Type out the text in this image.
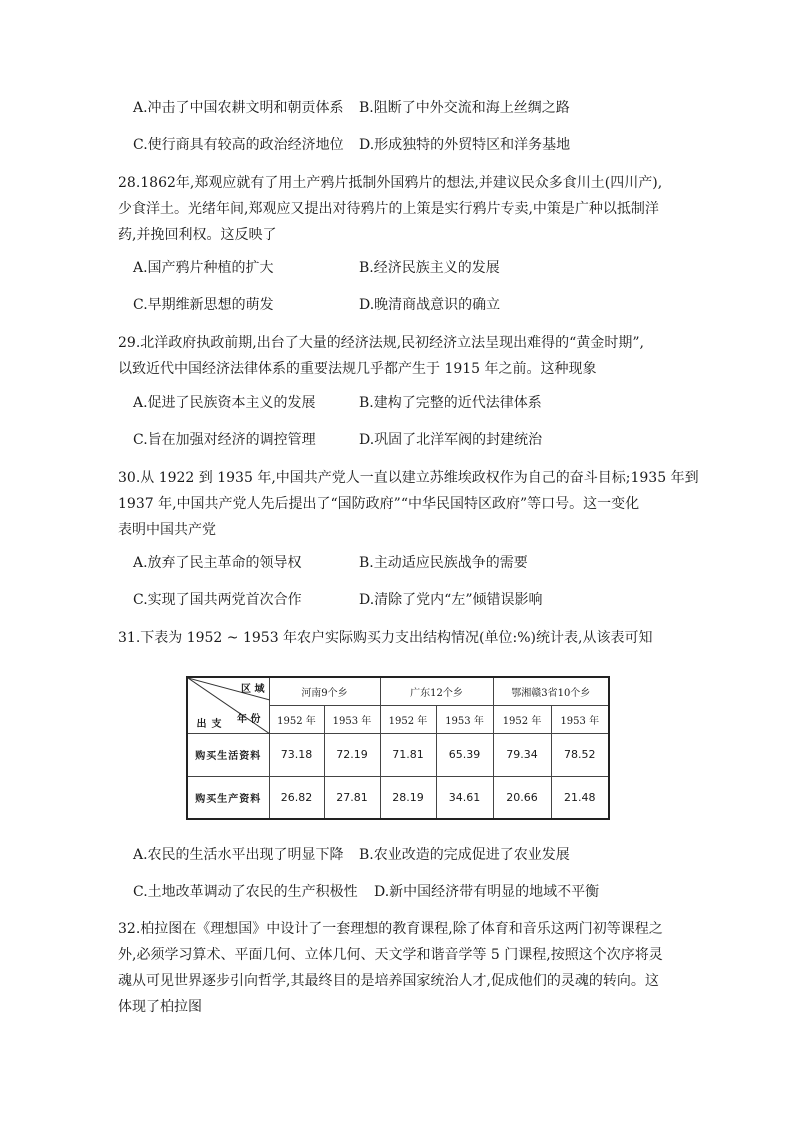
A.冲击了中国农耕文明和朝贡体系 B.阻断了中外交流和海上丝绸之路
C.使行商具有较高的政治经济地位 D.形成独特的外贸特区和洋务基地
28.1862年,郑观应就有了用土产鸦片抵制外国鸦片的想法,并建议民众多食川土(四川产),
少食洋土。光绪年间,郑观应又提出对待鸦片的上策是实行鸦片专卖,中策是广种以抵制洋
药,并挽回利权。这反映了
A.国产鸦片种植的扩大	B.经济民族主义的发展
C.早期维新思想的萌发	D.晚清商战意识的确立
29.北洋政府执政前期,出台了大量的经济法规,民初经济立法呈现出难得的“黄金时期”,
以致近代中国经济法律体系的重要法规几乎都产生于 1915 年之前。这种现象
A.促进了民族资本主义的发展	B.建构了完整的近代法律体系
C.旨在加强对经济的调控管理	D.巩固了北洋军阀的封建统治
30.从 1922 到 1935 年,中国共产党人一直以建立苏维埃政权作为自己的奋斗目标;1935 年到
1937 年,中国共产党人先后提出了“国防政府”“中华民国特区政府”等口号。这一变化
表明中国共产党
A.放弃了民主革命的领导权	B.主动适应民族战争的需要
C.实现了国共两党首次合作	D.清除了党内“左”倾错误影响
31.下表为 1952 ~ 1953 年农户实际购买力支出结构情况(单位:%)统计表,从该表可知
区 域
年 份
支 出	河南9个乡		广东12个乡		鄂湘赣3省10个乡	
	1952 年	1953 年	1952 年	1953 年	1952 年	1953 年
购买生活资料	73.18	72.19	71.81	65.39	79.34	78.52
购买生产资料	26.82	27.81	28.19	34.61	20.66	21.48
A.农民的生活水平出现了明显下降 B.农业改造的完成促进了农业发展
C.土地改革调动了农民的生产积极性 D.新中国经济带有明显的地域不平衡
32.柏拉图在《理想国》中设计了一套理想的教育课程,除了体育和音乐这两门初等课程之
外,必须学习算术、平面几何、立体几何、天文学和谐音学等 5 门课程,按照这个次序将灵
魂从可见世界逐步引向哲学,其最终目的是培养国家统治人才,促成他们的灵魂的转向。这
体现了柏拉图
